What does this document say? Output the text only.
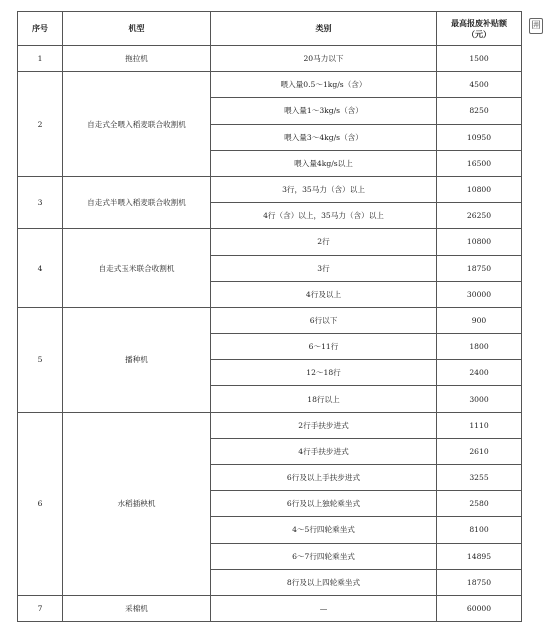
序号	机型	类别	最高报废补贴额
（元）
1	拖拉机	20马力以下	1500
2	自走式全喂入稻麦联合收割机	喂入量0.5～1kg/s（含）	4500
		喂入量1～3kg/s（含）	8250
		喂入量3～4kg/s（含）	10950
		喂入量4kg/s以上	16500
3	自走式半喂入稻麦联合收割机	3行，35马力（含）以上	10800
		4行（含）以上，35马力（含）以上	26250
4	自走式玉米联合收割机	2行	10800
		3行	18750
		4行及以上	30000
5	播种机	6行以下	900
		6～11行	1800
		12～18行	2400
		18行以上	3000
6	水稻插秧机	2行手扶步进式	1110
		4行手扶步进式	2610
		6行及以上手扶步进式	3255
		6行及以上独轮乘坐式	2580
		4～5行四轮乘坐式	8100
		6～7行四轮乘坐式	14895
		8行及以上四轮乘坐式	18750
7	采棉机	—	60000
囲
